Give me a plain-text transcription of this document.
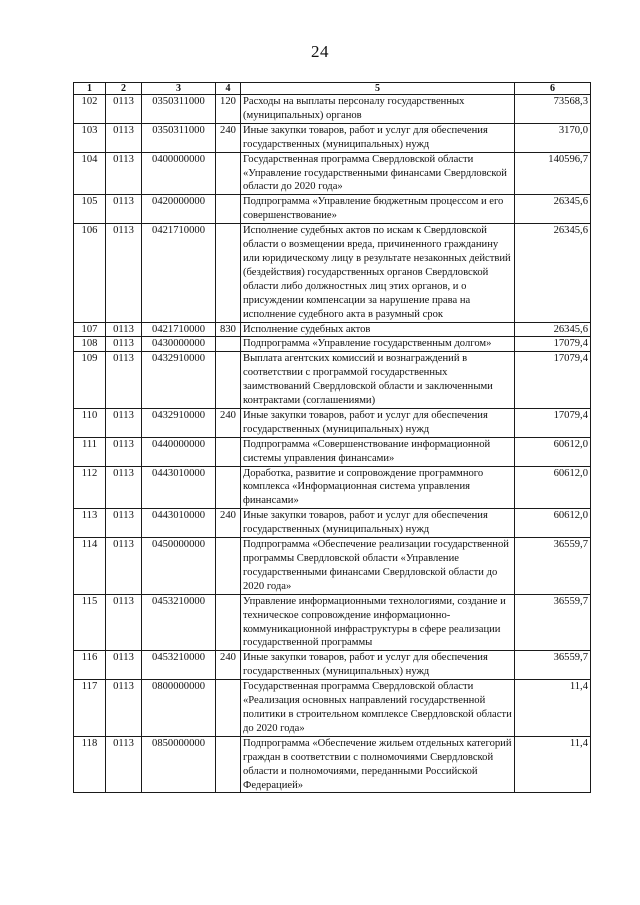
24
1	2	3	4	5	6
102	0113	0350311000	120	Расходы на выплаты персоналу государственных (муниципальных) органов	73568,3
103	0113	0350311000	240	Иные закупки товаров, работ и услуг для обеспечения государственных (муниципальных) нужд	3170,0
104	0113	0400000000		Государственная программа Свердловской области «Управление государственными финансами Свердловской области до 2020 года»	140596,7
105	0113	0420000000		Подпрограмма «Управление бюджетным процессом и его совершенствование»	26345,6
106	0113	0421710000		Исполнение судебных актов по искам к Свердловской области о возмещении вреда, причиненного гражданину или юридическому лицу в результате незаконных действий (бездействия) государственных органов Свердловской области либо должностных лиц этих органов, и о присуждении компенсации за нарушение права на исполнение судебного акта в разумный срок	26345,6
107	0113	0421710000	830	Исполнение судебных актов	26345,6
108	0113	0430000000		Подпрограмма «Управление государственным долгом»	17079,4
109	0113	0432910000		Выплата агентских комиссий и вознаграждений в соответствии с программой государственных заимствований Свердловской области и заключенными контрактами (соглашениями)	17079,4
110	0113	0432910000	240	Иные закупки товаров, работ и услуг для обеспечения государственных (муниципальных) нужд	17079,4
111	0113	0440000000		Подпрограмма «Совершенствование информационной системы управления финансами»	60612,0
112	0113	0443010000		Доработка, развитие и сопровождение программного комплекса «Информационная система управления финансами»	60612,0
113	0113	0443010000	240	Иные закупки товаров, работ и услуг для обеспечения государственных (муниципальных) нужд	60612,0
114	0113	0450000000		Подпрограмма «Обеспечение реализации государственной программы Свердловской области «Управление государственными финансами Свердловской области до 2020 года»	36559,7
115	0113	0453210000		Управление информационными технологиями, создание и техническое сопровождение информационно-коммуникационной инфраструктуры в сфере реализации государственной программы	36559,7
116	0113	0453210000	240	Иные закупки товаров, работ и услуг для обеспечения государственных (муниципальных) нужд	36559,7
117	0113	0800000000		Государственная программа Свердловской области «Реализация основных направлений государственной политики в строительном комплексе Свердловской области до 2020 года»	11,4
118	0113	0850000000		Подпрограмма «Обеспечение жильем отдельных категорий граждан в соответствии с полномочиями Свердловской области и полномочиями, переданными Российской Федерацией»	11,4
